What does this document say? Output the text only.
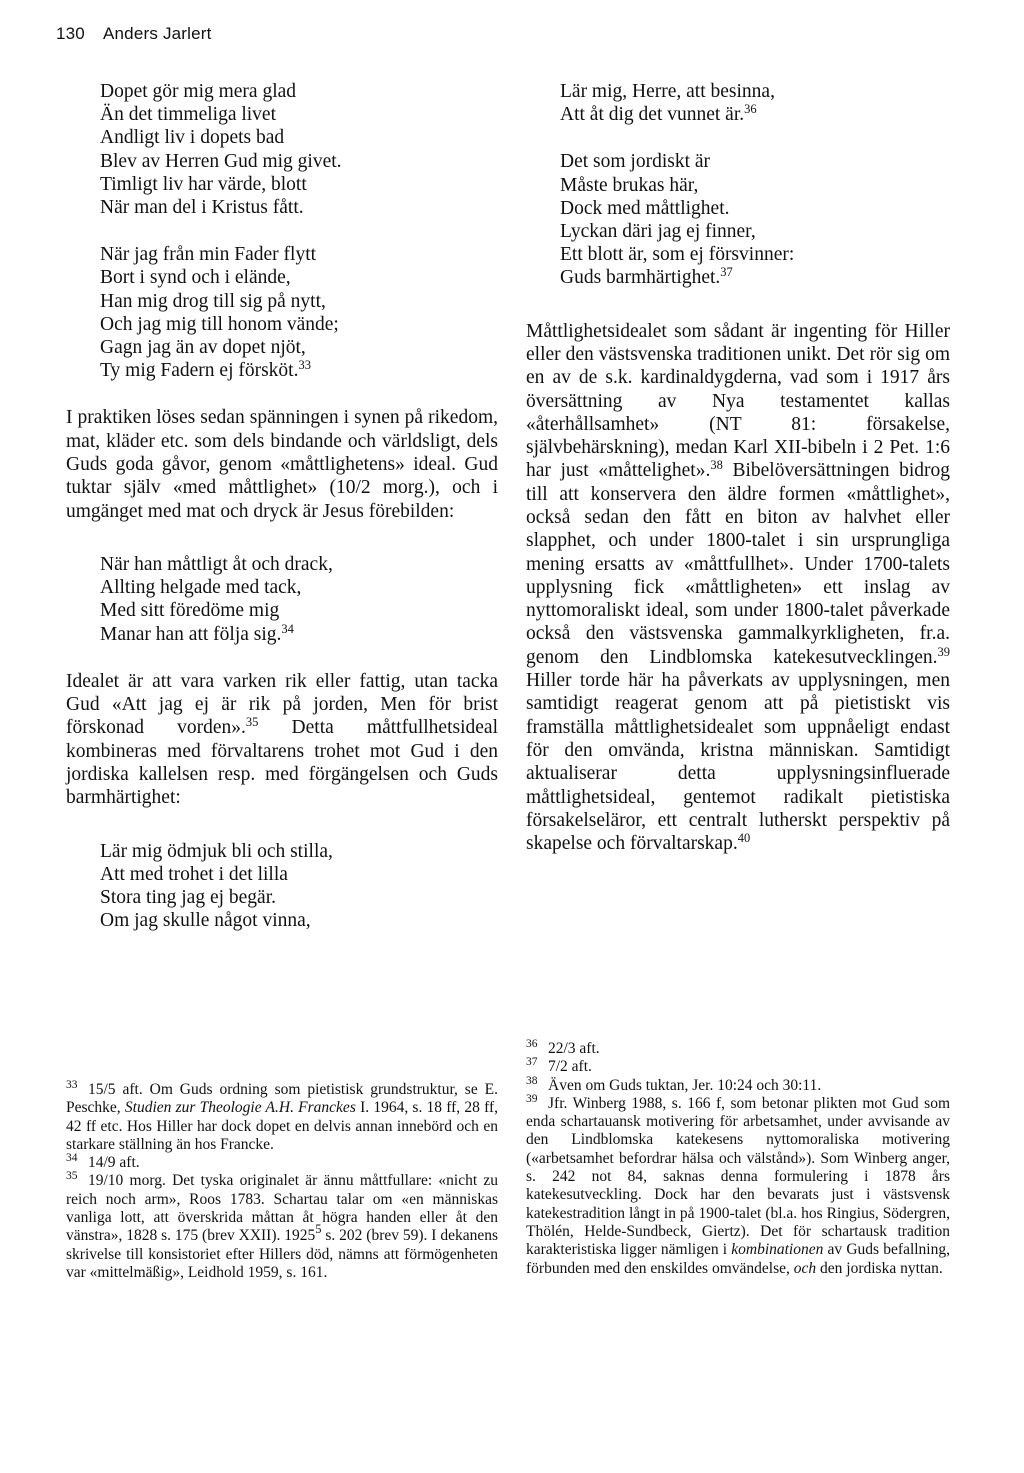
130 Anders Jarlert
Dopet gör mig mera glad
Än det timmeliga livet
Andligt liv i dopets bad
Blev av Herren Gud mig givet.
Timligt liv har värde, blott
När man del i Kristus fått.
När jag från min Fader flytt
Bort i synd och i elände,
Han mig drog till sig på nytt,
Och jag mig till honom vände;
Gagn jag än av dopet njöt,
Ty mig Fadern ej försköt.$^{33}$

I praktiken löses sedan spänningen i synen på rikedom, mat, kläder etc. som dels bindande och världsligt, dels Guds goda gåvor, genom «måttlighetens» ideal. Gud tuktar själv «med måttlighet» (10/2 morg.), och i umgänget med mat och dryck är Jesus förebilden:

När han måttligt åt och drack,
Allting helgade med tack,
Med sitt föredöme mig
Manar han att följa sig.$^{34}$

Idealet är att vara varken rik eller fattig, utan tacka Gud «Att jag ej är rik på jorden, Men för brist förskonad vorden».$^{35}$ Detta måttfullhetsideal kombineras med förvaltarens trohet mot Gud i den jordiska kallelsen resp. med förgängelsen och Guds barmhärtighet:

Lär mig ödmjuk bli och stilla,
Att med trohet i det lilla
Stora ting jag ej begär.
Om jag skulle något vinna,
Lär mig, Herre, att besinna,
Att åt dig det vunnet är.$^{36}$
Det som jordiskt är
Måste brukas här,
Dock med måttlighet.
Lyckan däri jag ej finner,
Ett blott är, som ej försvinner:
Guds barmhärtighet.$^{37}$

Måttlighetsidealet som sådant är ingenting för Hiller eller den västsvenska traditionen unikt. Det rör sig om en av de s.k. kardinaldygderna, vad som i 1917 års översättning av Nya testamentet kallas «återhållsamhet» (NT 81: försakelse, självbehärskning), medan Karl XII-bibeln i 2 Pet. 1:6 har just «måttelighet».$^{38}$ Bibelöversättningen bidrog till att konservera den äldre formen «måttlighet», också sedan den fått en biton av halvhet eller slapphet, och under 1800-talet i sin ursprungliga mening ersatts av «måttfullhet». Under 1700-talets upplysning fick «måttligheten» ett inslag av nyttomoraliskt ideal, som under 1800-talet påverkade också den västsvenska gammalkyrkligheten, fr.a. genom den Lindblomska katekesutvecklingen.$^{39}$ Hiller torde här ha påverkats av upplysningen, men samtidigt reagerat genom att på pietistiskt vis framställa måttlighetsidealet som uppnåeligt endast för den omvända, kristna människan. Samtidigt aktualiserar detta upplysningsinfluerade måttlighetsideal, gentemot radikalt pietistiska försakelseläror, ett centralt lutherskt perspektiv på skapelse och förvaltarskap.$^{40}$

33 15/5 aft. Om Guds ordning som pietistisk grundstruktur, se E. Peschke, Studien zur Theologie A.H. Franckes I. 1964, s. 18 ff, 28 ff, 42 ff etc. Hos Hiller har dock dopet en delvis annan innebörd och en starkare ställning än hos Francke.

34 14/9 aft.

35 19/10 morg. Det tyska originalet är ännu måttfullare: «nicht zu reich noch arm», Roos 1783. Schartau talar om «en människas vanliga lott, att överskrida måttan åt högra handen eller åt den vänstra», 1828 s. 175 (brev XXII). 1925$^5$ s. 202 (brev 59). I dekanens skrivelse till konsistoriet efter Hillers död, nämns att förmögenheten var «mittelmäßig», Leidhold 1959, s. 161.

36 22/3 aft.

37 7/2 aft.

38 Även om Guds tuktan, Jer. 10:24 och 30:11.

39 Jfr. Winberg 1988, s. 166 f, som betonar plikten mot Gud som enda schartauansk motivering för arbetsamhet, under avvisande av den Lindblomska katekesens nyttomoraliska motivering («arbetsamhet befordrar hälsa och välstånd»). Som Winberg anger, s. 242 not 84, saknas denna formulering i 1878 års katekesutveckling. Dock har den bevarats just i västsvensk katekestradition långt in på 1900-talet (bl.a. hos Ringius, Södergren, Thölén, Helde-Sundbeck, Giertz). Det för schartausk tradition karakteristiska ligger nämligen i kombinationen av Guds befallning, förbunden med den enskildes omvändelse, och den jordiska nyttan.
